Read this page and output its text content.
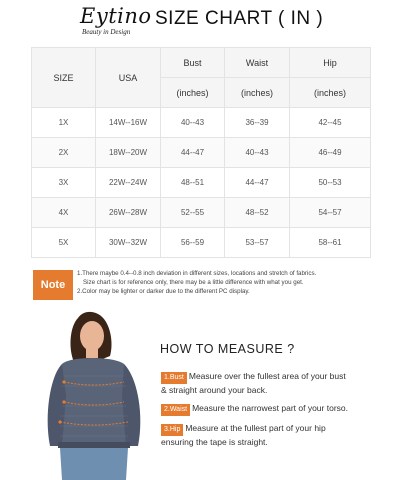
Eytino
Beauty in Design
SIZE CHART ( IN )
SIZE	USA	Bust	Waist	Hip
		(inches)	(inches)	(inches)
1X	14W--16W	40--43	36--39	42--45
2X	18W--20W	44--47	40--43	46--49
3X	22W--24W	48--51	44--47	50--53
4X	26W--28W	52--55	48--52	54--57
5X	30W--32W	56--59	53--57	58--61
Note
1.There maybe 0.4--0.8 inch deviation in different sizes, locations and stretch of fabrics.
Size chart is for reference only, there may be a little difference with what you get.
2.Color may be lighter or darker due to the different PC display.
HOW TO MEASURE ?
1.Bust Measure over the fullest area of your bust
& straight around your back.
2.Waist Measure the narrowest part of your torso.
3.Hip Measure at the fullest part of your hip
ensuring the tape is straight.
